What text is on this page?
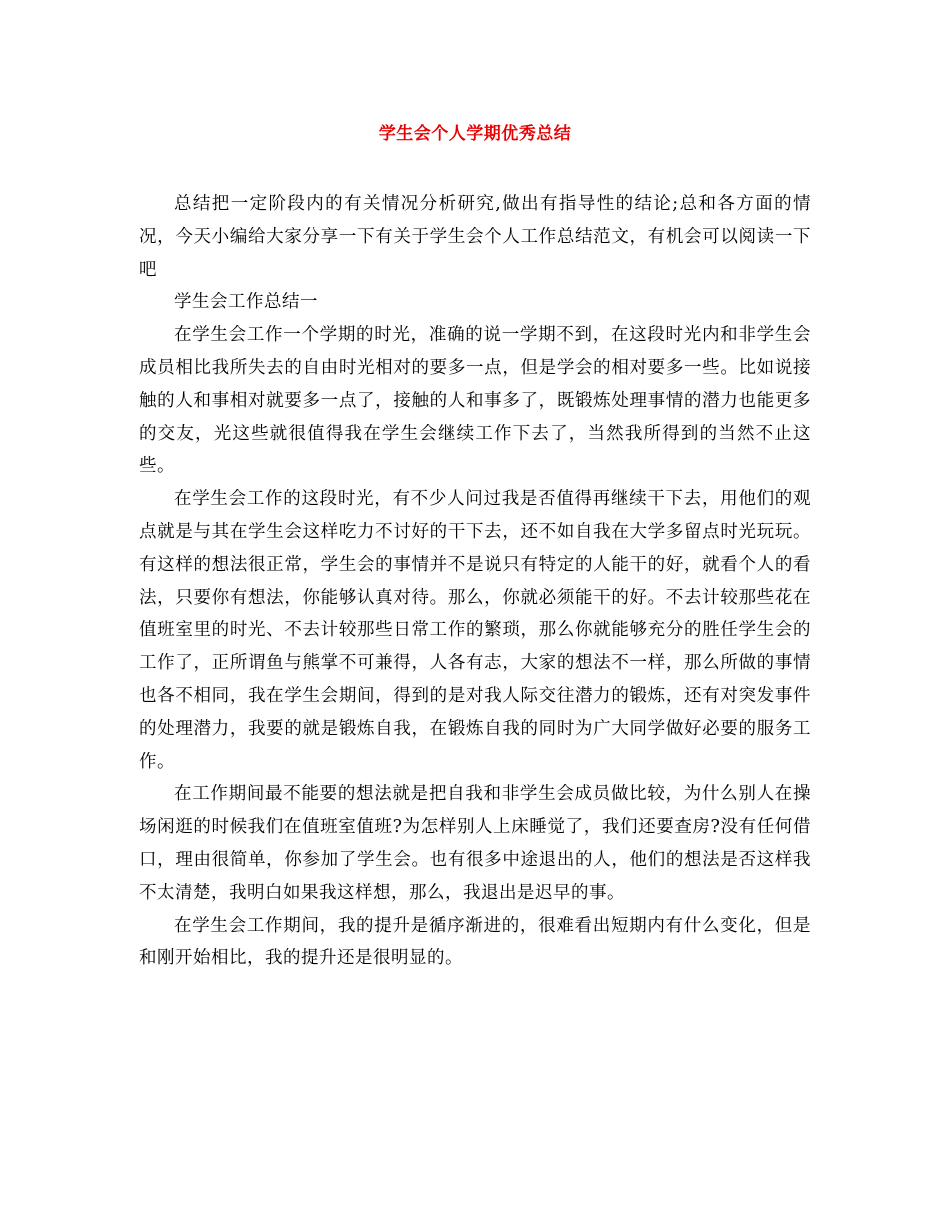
学生会个人学期优秀总结

总结把一定阶段内的有关情况分析研究,做出有指导性的结论;总和各方面的情况，今天小编给大家分享一下有关于学生会个人工作总结范文，有机会可以阅读一下吧

学生会工作总结一

在学生会工作一个学期的时光，准确的说一学期不到，在这段时光内和非学生会成员相比我所失去的自由时光相对的要多一点，但是学会的相对要多一些。比如说接触的人和事相对就要多一点了，接触的人和事多了，既锻炼处理事情的潜力也能更多的交友，光这些就很值得我在学生会继续工作下去了，当然我所得到的当然不止这些。

在学生会工作的这段时光，有不少人问过我是否值得再继续干下去，用他们的观点就是与其在学生会这样吃力不讨好的干下去，还不如自我在大学多留点时光玩玩。有这样的想法很正常，学生会的事情并不是说只有特定的人能干的好，就看个人的看法，只要你有想法，你能够认真对待。那么，你就必须能干的好。不去计较那些花在值班室里的时光、不去计较那些日常工作的繁琐，那么你就能够充分的胜任学生会的工作了，正所谓鱼与熊掌不可兼得，人各有志，大家的想法不一样，那么所做的事情也各不相同，我在学生会期间，得到的是对我人际交往潜力的锻炼，还有对突发事件的处理潜力，我要的就是锻炼自我，在锻炼自我的同时为广大同学做好必要的服务工作。

在工作期间最不能要的想法就是把自我和非学生会成员做比较，为什么别人在操场闲逛的时候我们在值班室值班?为怎样别人上床睡觉了，我们还要查房?没有任何借口，理由很简单，你参加了学生会。也有很多中途退出的人，他们的想法是否这样我不太清楚，我明白如果我这样想，那么，我退出是迟早的事。

在学生会工作期间，我的提升是循序渐进的，很难看出短期内有什么变化，但是和刚开始相比，我的提升还是很明显的。
